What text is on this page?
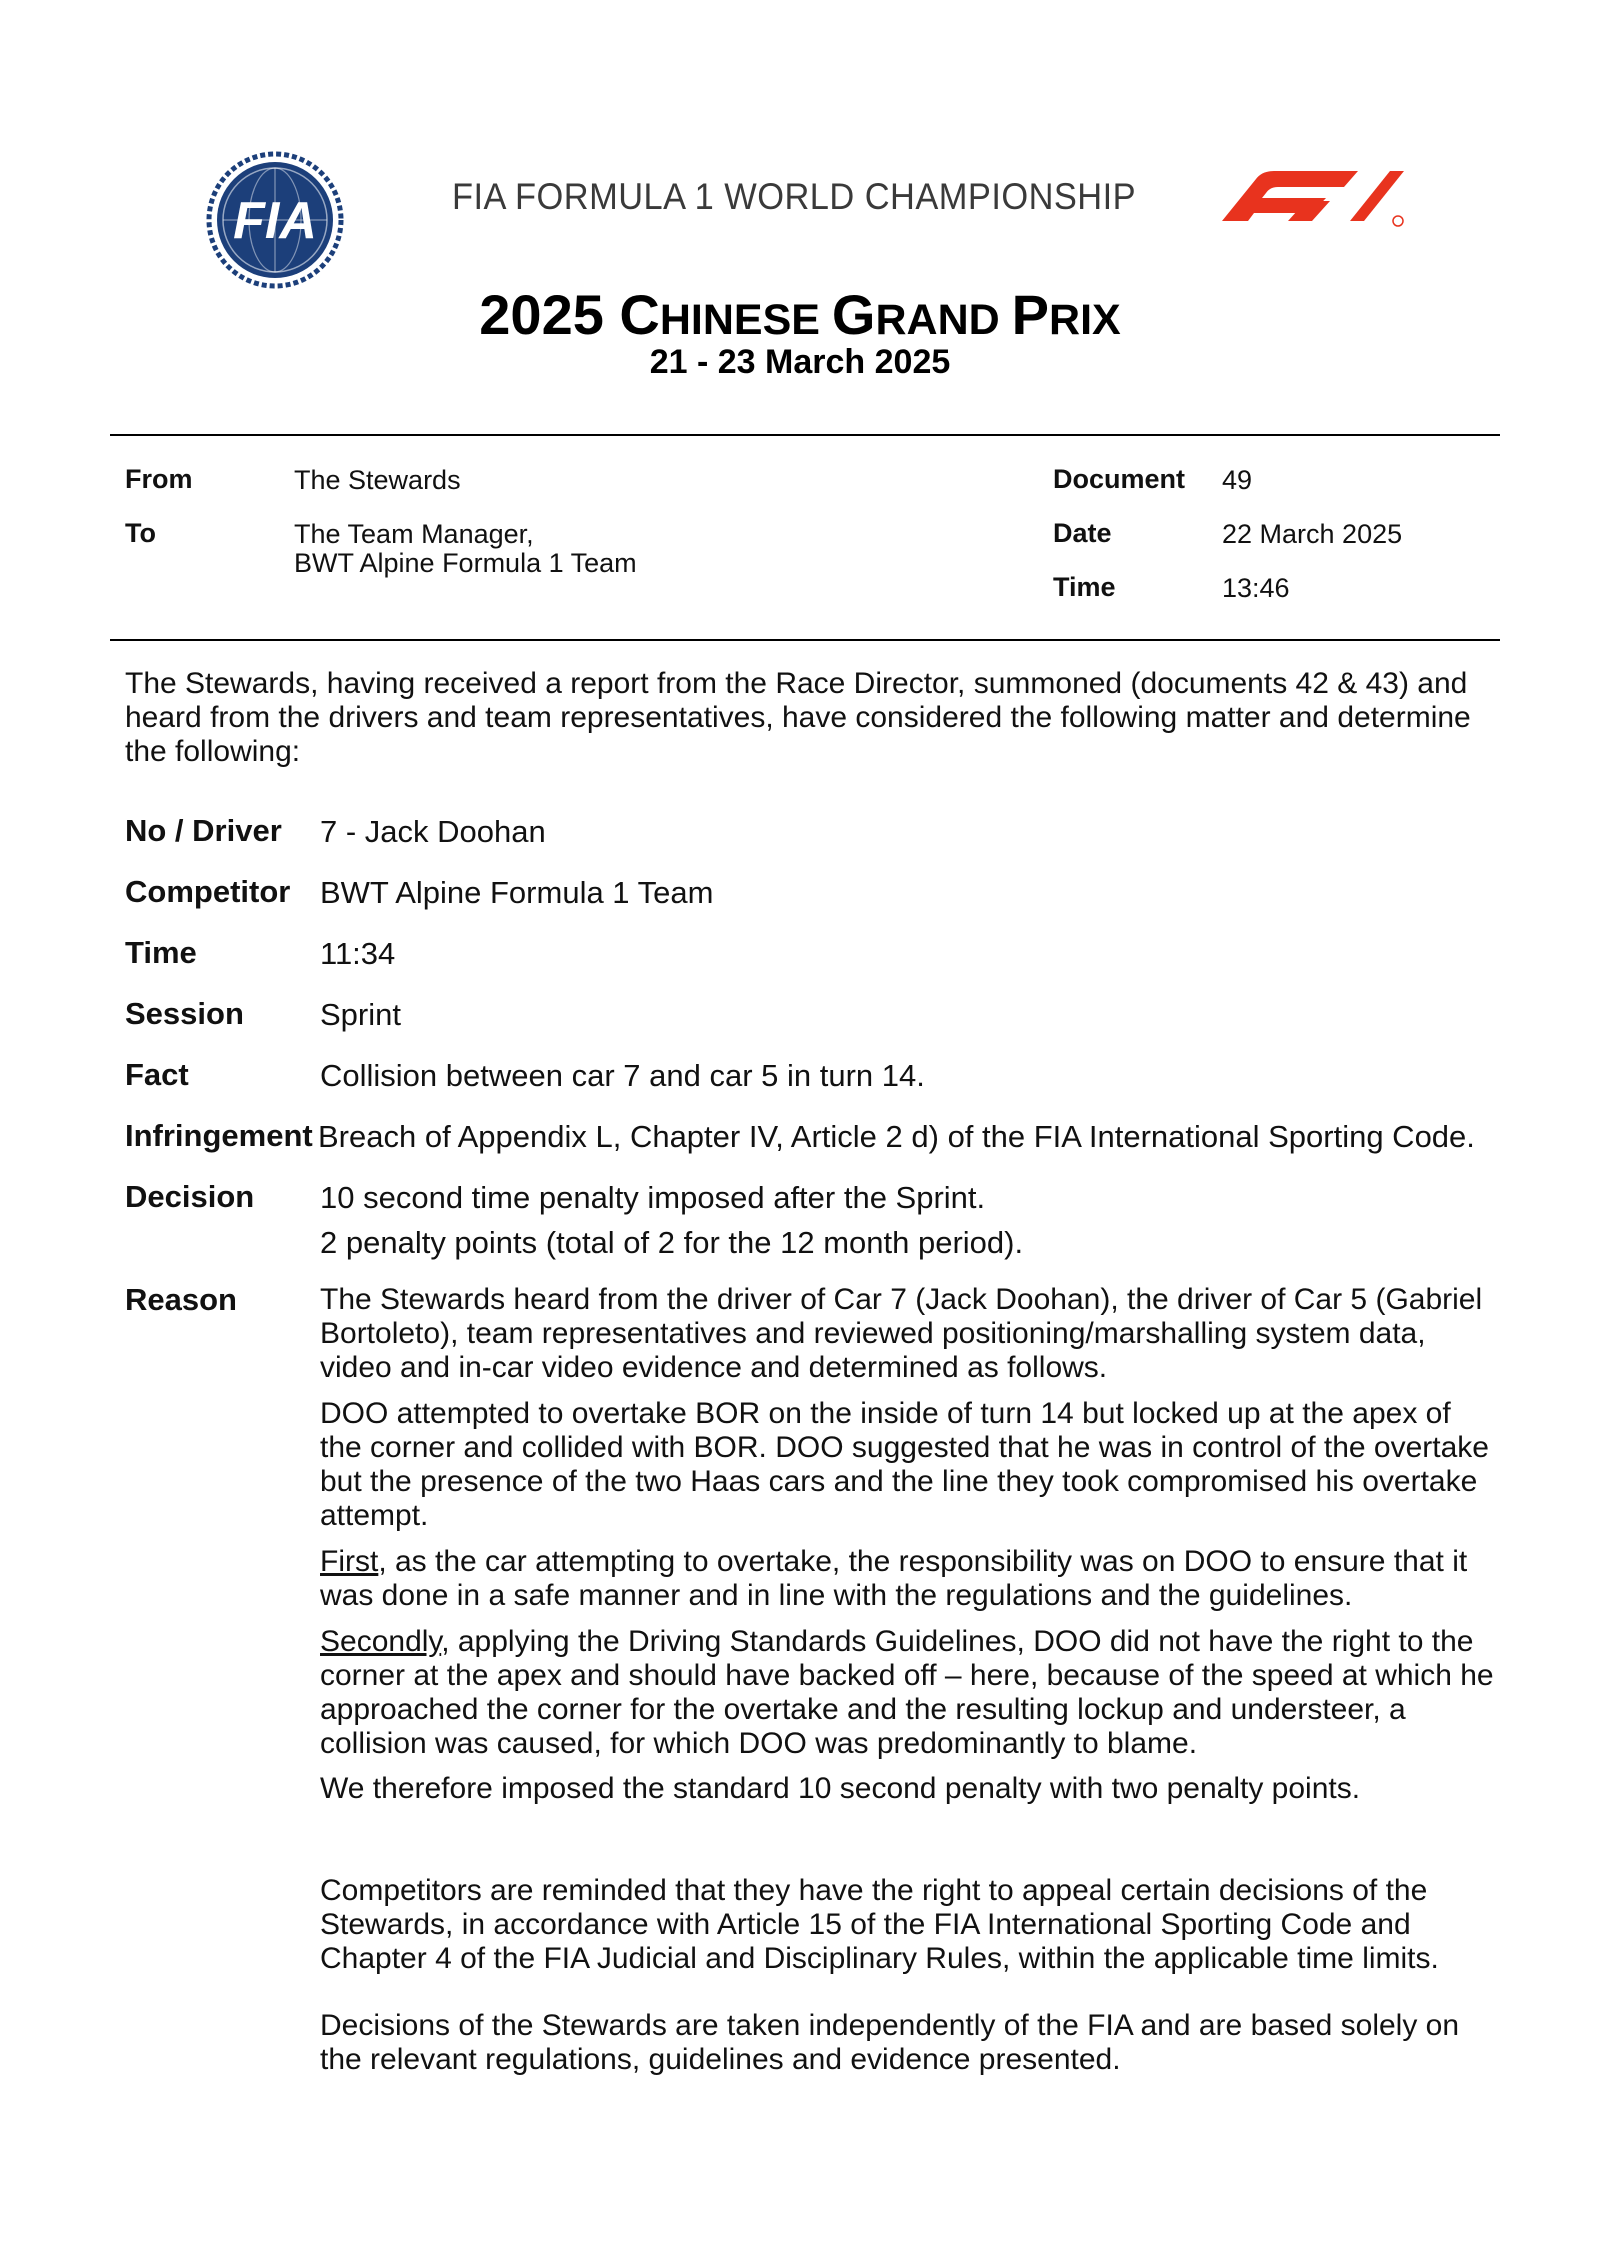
FIA	FIA FORMULA 1 WORLD CHAMPIONSHIP
2025 CHINESE GRAND PRIX
21 - 23 March 2025
From	The Stewards
To	The Team Manager,
BWT Alpine Formula 1 Team
Document 49
Date	22 March 2025
Time	13:46
The Stewards, having received a report from the Race Director, summoned (documents 42 & 43) and heard from the drivers and team representatives, have considered the following matter and determine the following:
No / Driver 7 - Jack Doohan
Competitor BWT Alpine Formula 1 Team
Time	11:34
Session Sprint
Fact	Collision between car 7 and car 5 in turn 14.
Infringement Breach of Appendix L, Chapter IV, Article 2 d) of the FIA International Sporting Code.
Decision 10 second time penalty imposed after the Sprint.
2 penalty points (total of 2 for the 12 month period).
Reason	The Stewards heard from the driver of Car 7 (Jack Doohan), the driver of Car 5 (Gabriel Bortoleto), team representatives and reviewed positioning/marshalling system data, video and in-car video evidence and determined as follows.
DOO attempted to overtake BOR on the inside of turn 14 but locked up at the apex of the corner and collided with BOR. DOO suggested that he was in control of the overtake but the presence of the two Haas cars and the line they took compromised his overtake attempt.
First, as the car attempting to overtake, the responsibility was on DOO to ensure that it was done in a safe manner and in line with the regulations and the guidelines.
Secondly, applying the Driving Standards Guidelines, DOO did not have the right to the corner at the apex and should have backed off – here, because of the speed at which he approached the corner for the overtake and the resulting lockup and understeer, a collision was caused, for which DOO was predominantly to blame.
We therefore imposed the standard 10 second penalty with two penalty points.
Competitors are reminded that they have the right to appeal certain decisions of the Stewards, in accordance with Article 15 of the FIA International Sporting Code and Chapter 4 of the FIA Judicial and Disciplinary Rules, within the applicable time limits.
Decisions of the Stewards are taken independently of the FIA and are based solely on the relevant regulations, guidelines and evidence presented.
